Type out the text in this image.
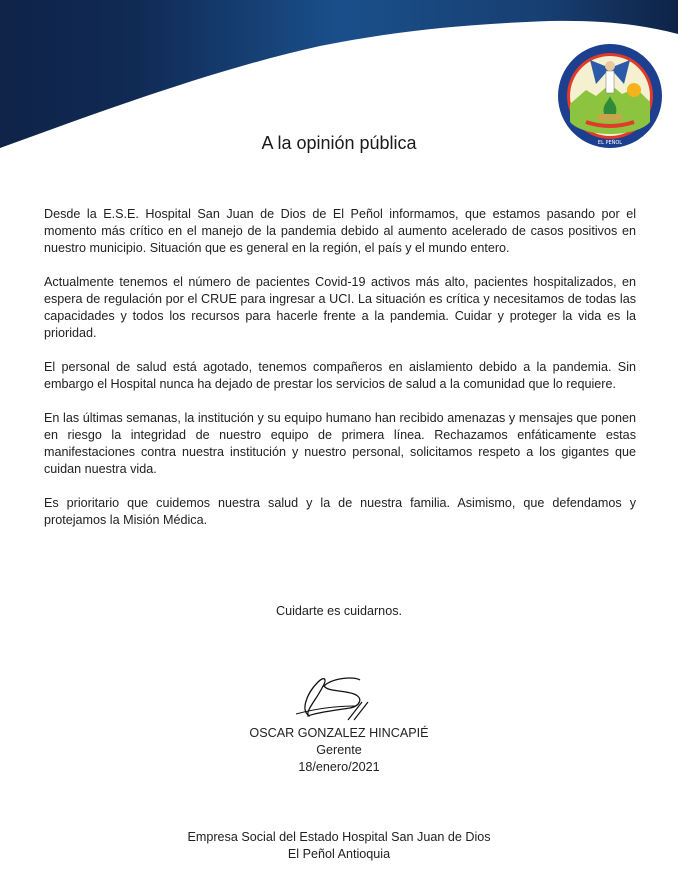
EL PEÑOL
A la opinión pública

Desde la E.S.E. Hospital San Juan de Dios de El Peñol informamos, que estamos pasando por el momento más crítico en el manejo de la pandemia debido al aumento acelerado de casos positivos en nuestro municipio. Situación que es general en la región, el país y el mundo entero.

Actualmente tenemos el número de pacientes Covid-19 activos más alto, pacientes hospitalizados, en espera de regulación por el CRUE para ingresar a UCI. La situación es crítica y necesitamos de todas las capacidades y todos los recursos para hacerle frente a la pandemia. Cuidar y proteger la vida es la prioridad.

El personal de salud está agotado, tenemos compañeros en aislamiento debido a la pandemia. Sin embargo el Hospital nunca ha dejado de prestar los servicios de salud a la comunidad que lo requiere.

En las últimas semanas, la institución y su equipo humano han recibido amenazas y mensajes que ponen en riesgo la integridad de nuestro equipo de primera línea. Rechazamos enfáticamente estas manifestaciones contra nuestra institución y nuestro personal, solicitamos respeto a los gigantes que cuidan nuestra vida.

Es prioritario que cuidemos nuestra salud y la de nuestra familia. Asimismo, que defendamos y protejamos la Misión Médica.

Cuidarte es cuidarnos.
OSCAR GONZALEZ HINCAPIÉ
Gerente
18/enero/2021
Empresa Social del Estado Hospital San Juan de Dios
El Peñol Antioquia
